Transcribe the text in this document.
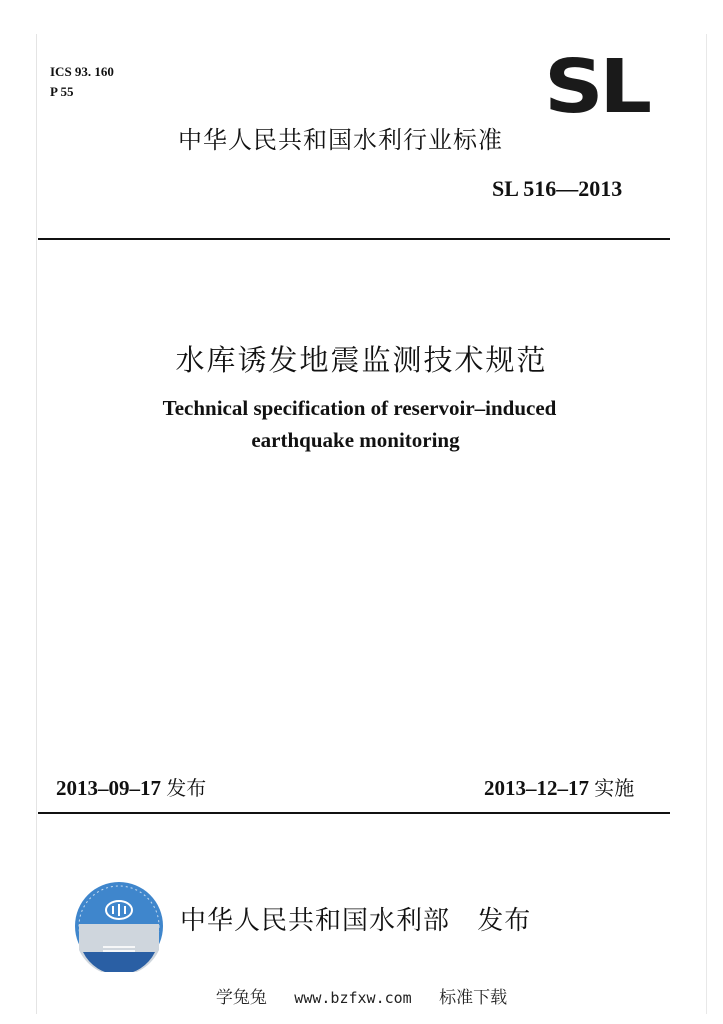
ICS 93. 160
P 55	SL
中华人民共和国水利行业标准
SL 516—2013
水库诱发地震监测技术规范
Technical specification of reservoir–induced
earthquake monitoring
2013–09–17 发布	2013–12–17 实施
中华人民共和国水利部 发布
学兔兔 www.bzfxw.com 标准下载
